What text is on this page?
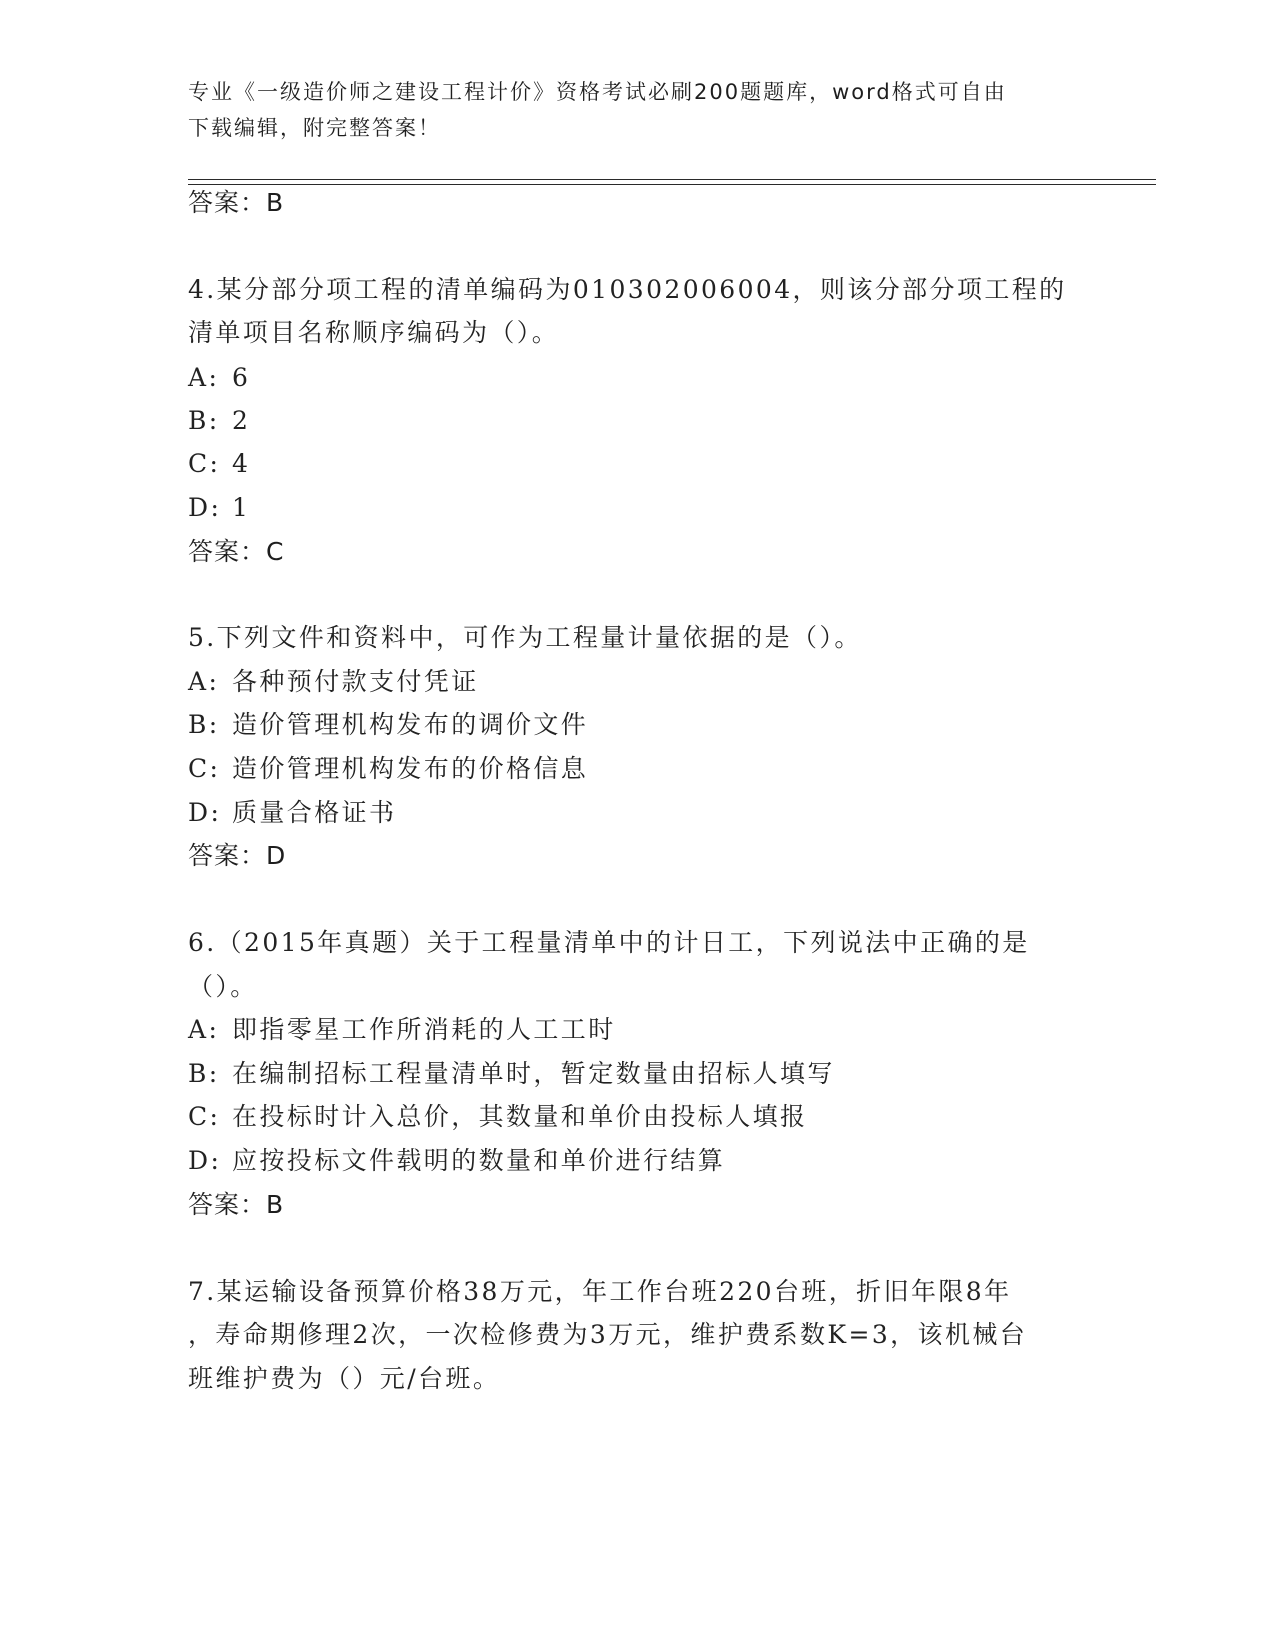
专业《一级造价师之建设工程计价》资格考试必刷200题题库，word格式可自由
下载编辑，附完整答案！
答案：B
4.某分部分项工程的清单编码为010302006004，则该分部分项工程的
清单项目名称顺序编码为（）。
A: 6
B: 2
C: 4
D: 1
答案：C
5.下列文件和资料中，可作为工程量计量依据的是（）。
A: 各种预付款支付凭证
B: 造价管理机构发布的调价文件
C: 造价管理机构发布的价格信息
D: 质量合格证书
答案：D
6.（2015年真题）关于工程量清单中的计日工，下列说法中正确的是
（）。
A: 即指零星工作所消耗的人工工时
B: 在编制招标工程量清单时，暂定数量由招标人填写
C: 在投标时计入总价，其数量和单价由投标人填报
D: 应按投标文件载明的数量和单价进行结算
答案：B
7.某运输设备预算价格38万元，年工作台班220台班，折旧年限8年
，寿命期修理2次，一次检修费为3万元，维护费系数K=3，该机械台
班维护费为（）元/台班。
